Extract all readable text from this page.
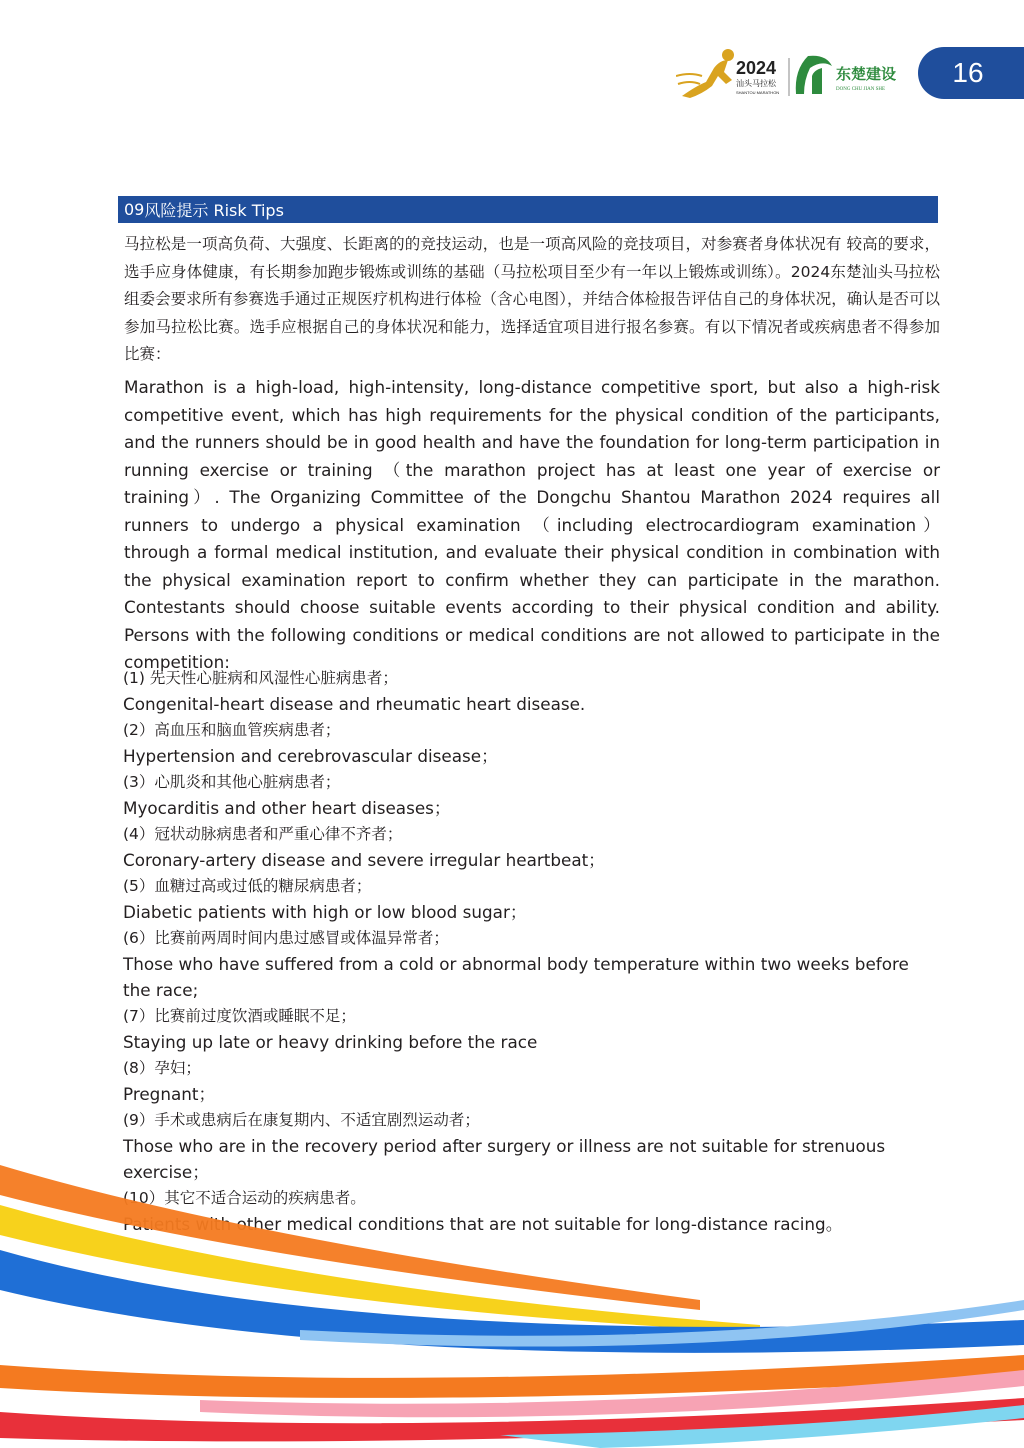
2024
汕头马拉松
SHANTOU MARATHON
东楚建设
DONG CHU JIAN SHE
16
09 风险提示 Risk Tips

马拉松是一项高负荷、大强度、长距离的的竞技运动，也是一项高风险的竞技项目，对参赛者身体状况有 较高的要求，选手应身体健康，有长期参加跑步锻炼或训练的基础（马拉松项目至少有一年以上锻炼或训练）。2024东楚汕头马拉松组委会要求所有参赛选手通过正规医疗机构进行体检（含心电图），并结合体检报告评估自己的身体状况，确认是否可以参加马拉松比赛。选手应根据自己的身体状况和能力，选择适宜项目进行报名参赛。有以下情况者或疾病患者不得参加比赛：

Marathon is a high-load, high-intensity, long-distance competitive sport, but also a high-risk competitive event, which has high requirements for the physical condition of the participants, and the runners should be in good health and have the foundation for long-term participation in running exercise or training （the marathon project has at least one year of exercise or training）. The Organizing Committee of the Dongchu Shantou Marathon 2024 requires all runners to undergo a physical examination （including electrocardiogram examination） through a formal medical institution, and evaluate their physical condition in combination with the physical examination report to confirm whether they can participate in the marathon. Contestants should choose suitable events according to their physical condition and ability. Persons with the following conditions or medical conditions are not allowed to participate in the competition:

(1) 先天性心脏病和风湿性心脏病患者；
Congenital-heart disease and rheumatic heart disease.
(2）高血压和脑血管疾病患者；
Hypertension and cerebrovascular disease；
(3）心肌炎和其他心脏病患者；
Myocarditis and other heart diseases；
(4）冠状动脉病患者和严重心律不齐者；
Coronary-artery disease and severe irregular heartbeat；
(5）血糖过高或过低的糖尿病患者；
Diabetic patients with high or low blood sugar；
(6）比赛前两周时间内患过感冒或体温异常者；
Those who have suffered from a cold or abnormal body temperature within two weeks before the race;
(7）比赛前过度饮酒或睡眠不足；
Staying up late or heavy drinking before the race
(8）孕妇；
Pregnant；
(9）手术或患病后在康复期内、不适宜剧烈运动者；
Those who are in the recovery period after surgery or illness are not suitable for strenuous exercise；
(10）其它不适合运动的疾病患者。
Patients with other medical conditions that are not suitable for long-distance racing。
